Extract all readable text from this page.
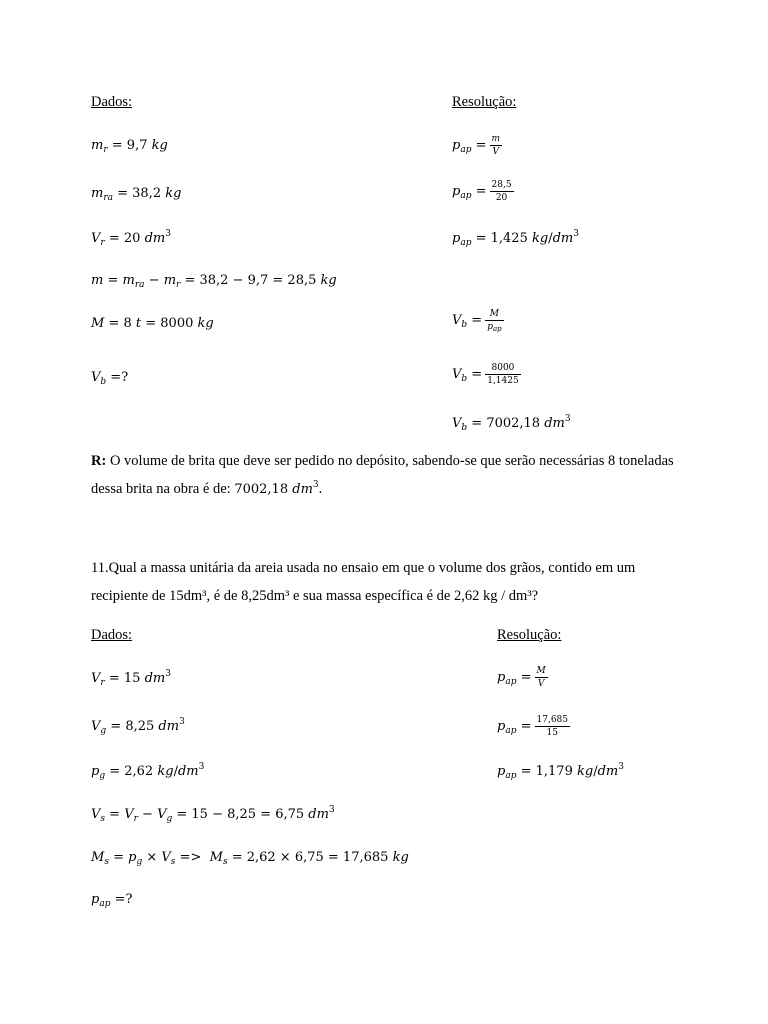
Dados:	Resolução:
$m_r = 9,7$ kg
$m_{ra} = 38,2$ kg
$V_r = 20$ $dm^3$
$m = m_{ra} - m_r = 38,2 - 9,7 = 28,5$ kg
M = 8 t = 8000 kg
$V_b$ =?
$p_{ap} = \frac{m}{V}$
$p_{ap} = \frac{28,5}{20}$
$p_{ap} = 1,425$ $kg/dm^3$
$V_b = \frac{M}{p_{ap}}$
$V_b = \frac{8000}{1,1425}$
$V_b = 7002,18$ $dm^3$
R: O volume de brita que deve ser pedido no depósito, sabendo-se que serão necessárias 8 toneladas dessa brita na obra é de: 7002,18 $dm^3$.
11.Qual a massa unitária da areia usada no ensaio em que o volume dos grãos, contido em um recipiente de 15dm³, é de 8,25dm³ e sua massa específica é de 2,62 kg / dm³?
Dados:	Resolução:
$V_r = 15$ $dm^3$
$V_g = 8,25$ $dm^3$
$p_g = 2,62$ $kg/dm^3$
$V_s = V_r - V_g = 15 - 8,25 = 6,75$ $dm^3$
$M_s = p_g \times V_s => M_s = 2,62 \times 6,75 = 17,685$ kg
$p_{ap}$ =?
$p_{ap} = \frac{M}{V}$
$p_{ap} = \frac{17,685}{15}$
$p_{ap} = 1,179$ $kg/dm^3$
